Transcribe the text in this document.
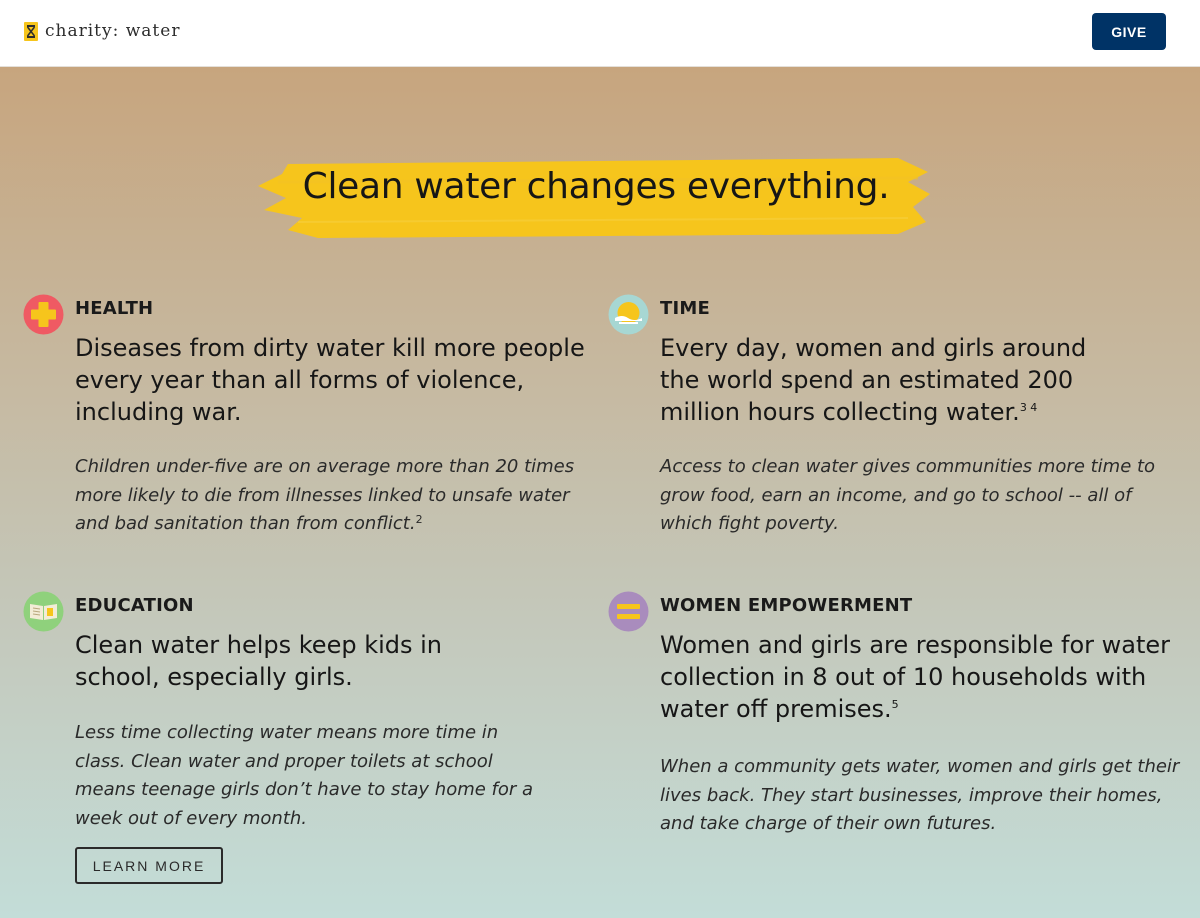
charity: water	GIVE
Clean water changes everything.
HEALTH
Diseases from dirty water kill more people every year than all forms of violence, including war.
Children under-five are on average more than 20 times more likely to die from illnesses linked to unsafe water and bad sanitation than from conflict.$^2$
TIME
Every day, women and girls around the world spend an estimated 200 million hours collecting water.$^{3 4}$
Access to clean water gives communities more time to grow food, earn an income, and go to school -- all of which fight poverty.
EDUCATION
Clean water helps keep kids in school, especially girls.
Less time collecting water means more time in class. Clean water and proper toilets at school means teenage girls don’t have to stay home for a week out of every month.
WOMEN EMPOWERMENT
Women and girls are responsible for water collection in 8 out of 10 households with water off premises.$^5$
When a community gets water, women and girls get their lives back. They start businesses, improve their homes, and take charge of their own futures.
LEARN MORE
